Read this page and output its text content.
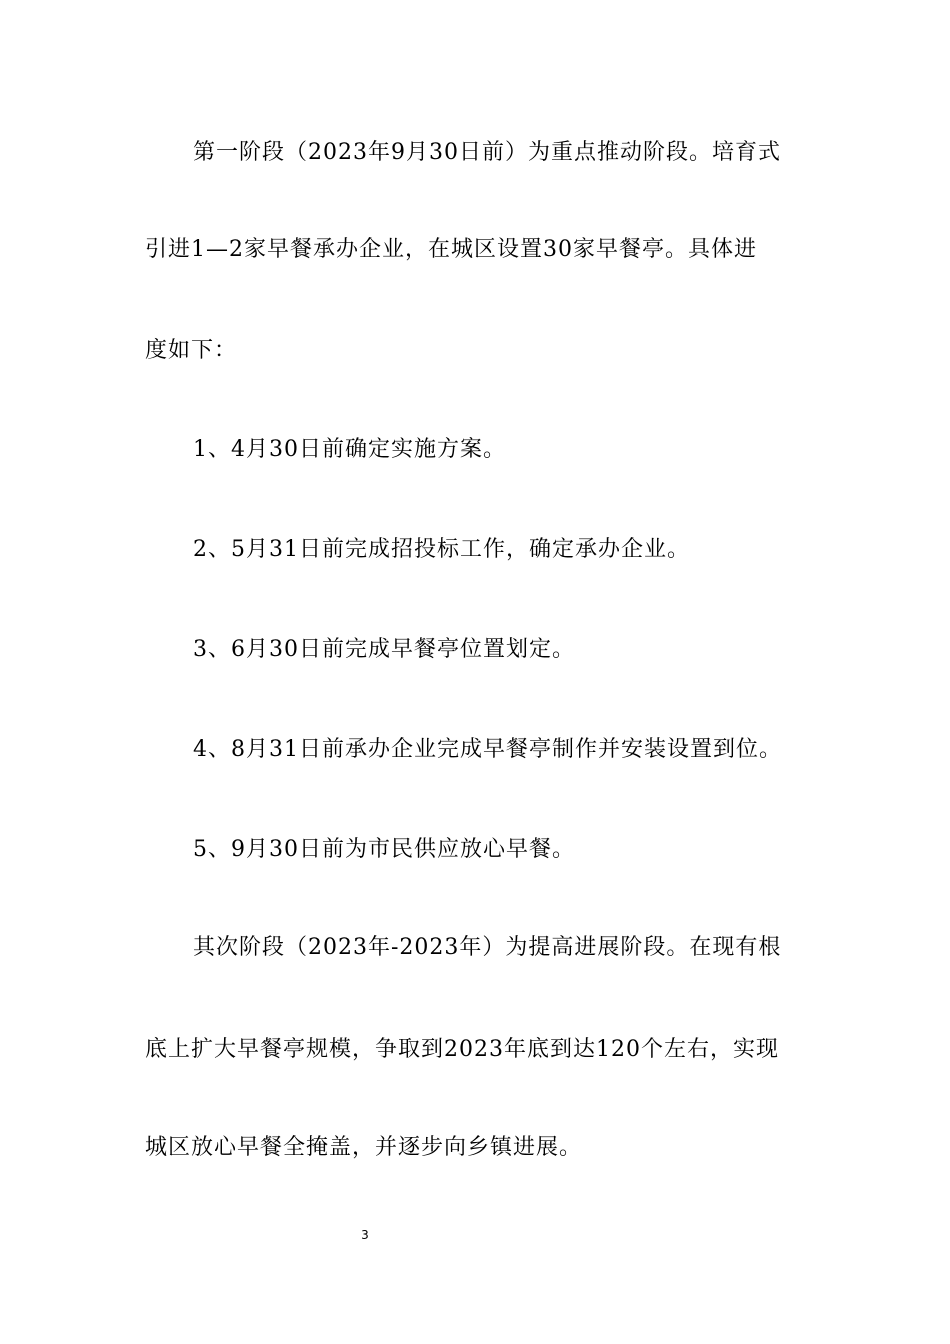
第一阶段（2023年9月30日前）为重点推动阶段。培育式
引进1—2家早餐承办企业，在城区设置30家早餐亭。具体进
度如下：
1、4月30日前确定实施方案。
2、5月31日前完成招投标工作，确定承办企业。
3、6月30日前完成早餐亭位置划定。
4、8月31日前承办企业完成早餐亭制作并安装设置到位。
5、9月30日前为市民供应放心早餐。
其次阶段（2023年-2023年）为提高进展阶段。在现有根
底上扩大早餐亭规模，争取到2023年底到达120个左右，实现
城区放心早餐全掩盖，并逐步向乡镇进展。
3
